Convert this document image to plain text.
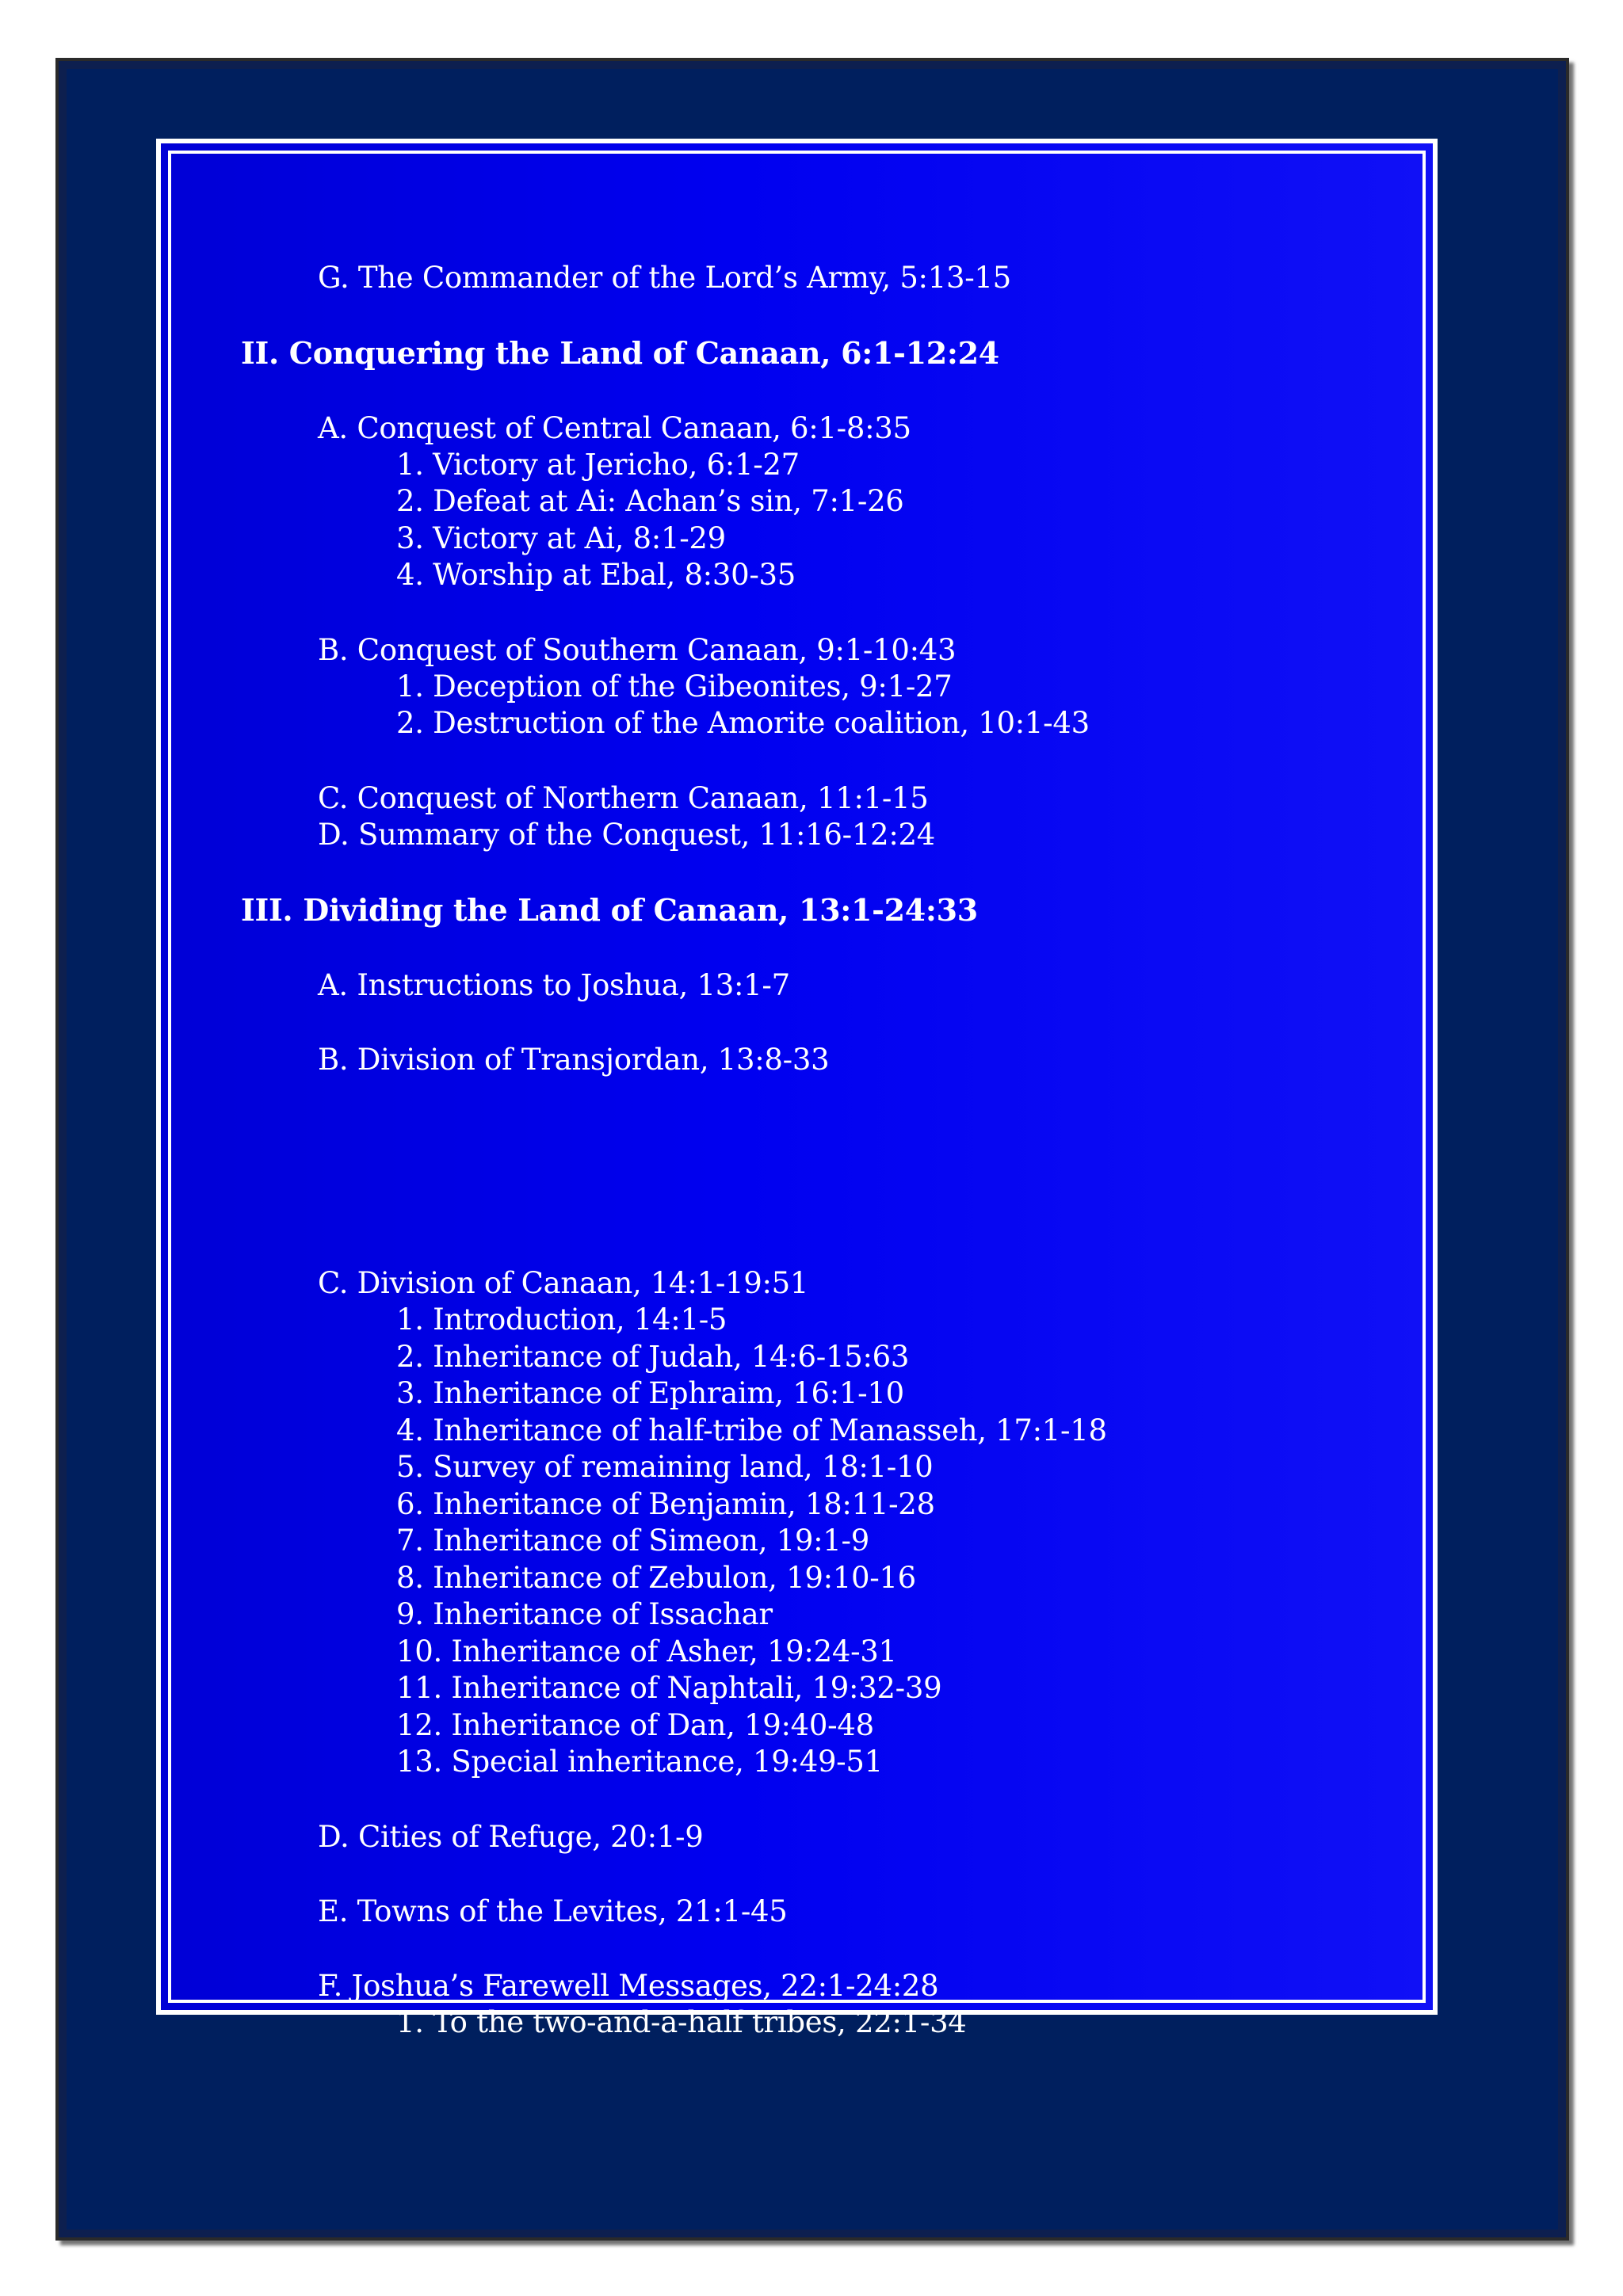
G. The Commander of the Lord’s Army, 5:13-15
II. Conquering the Land of Canaan, 6:1-12:24
A. Conquest of Central Canaan, 6:1-8:35
1. Victory at Jericho, 6:1-27
2. Defeat at Ai: Achan’s sin, 7:1-26
3. Victory at Ai, 8:1-29
4. Worship at Ebal, 8:30-35
B. Conquest of Southern Canaan, 9:1-10:43
1. Deception of the Gibeonites, 9:1-27
2. Destruction of the Amorite coalition, 10:1-43
C. Conquest of Northern Canaan, 11:1-15
D. Summary of the Conquest, 11:16-12:24
III. Dividing the Land of Canaan, 13:1-24:33
A. Instructions to Joshua, 13:1-7
B. Division of Transjordan, 13:8-33
C. Division of Canaan, 14:1-19:51
1. Introduction, 14:1-5
2. Inheritance of Judah, 14:6-15:63
3. Inheritance of Ephraim, 16:1-10
4. Inheritance of half-tribe of Manasseh, 17:1-18
5. Survey of remaining land, 18:1-10
6. Inheritance of Benjamin, 18:11-28
7. Inheritance of Simeon, 19:1-9
8. Inheritance of Zebulon, 19:10-16
9. Inheritance of Issachar
10. Inheritance of Asher, 19:24-31
11. Inheritance of Naphtali, 19:32-39
12. Inheritance of Dan, 19:40-48
13. Special inheritance, 19:49-51
D. Cities of Refuge, 20:1-9
E. Towns of the Levites, 21:1-45
F. Joshua’s Farewell Messages, 22:1-24:28
1. To the two-and-a-half tribes, 22:1-34
